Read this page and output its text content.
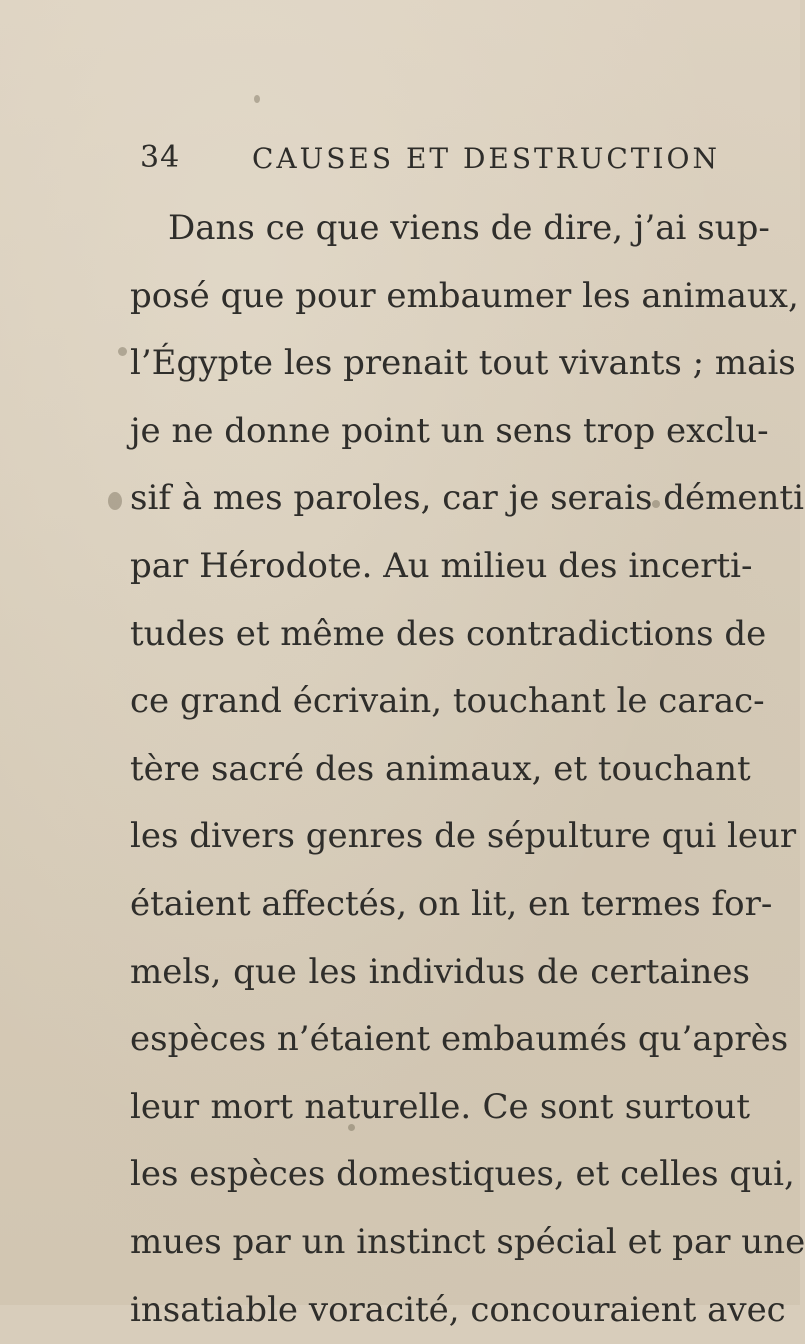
34	CAUSES ET DESTRUCTION
Dans ce que viens de dire, j’ai sup-
posé que pour embaumer les animaux,
l’Égypte les prenait tout vivants ; mais
je ne donne point un sens trop exclu-
sif à mes paroles, car je serais démenti
par Hérodote. Au milieu des incerti-
tudes et même des contradictions de
ce grand écrivain, touchant le carac-
tère sacré des animaux, et touchant
les divers genres de sépulture qui leur
étaient affectés, on lit, en termes for-
mels, que les individus de certaines
espèces n’étaient embaumés qu’après
leur mort naturelle. Ce sont surtout
les espèces domestiques, et celles qui,
mues par un instinct spécial et par une
insatiable voracité, concouraient avec
